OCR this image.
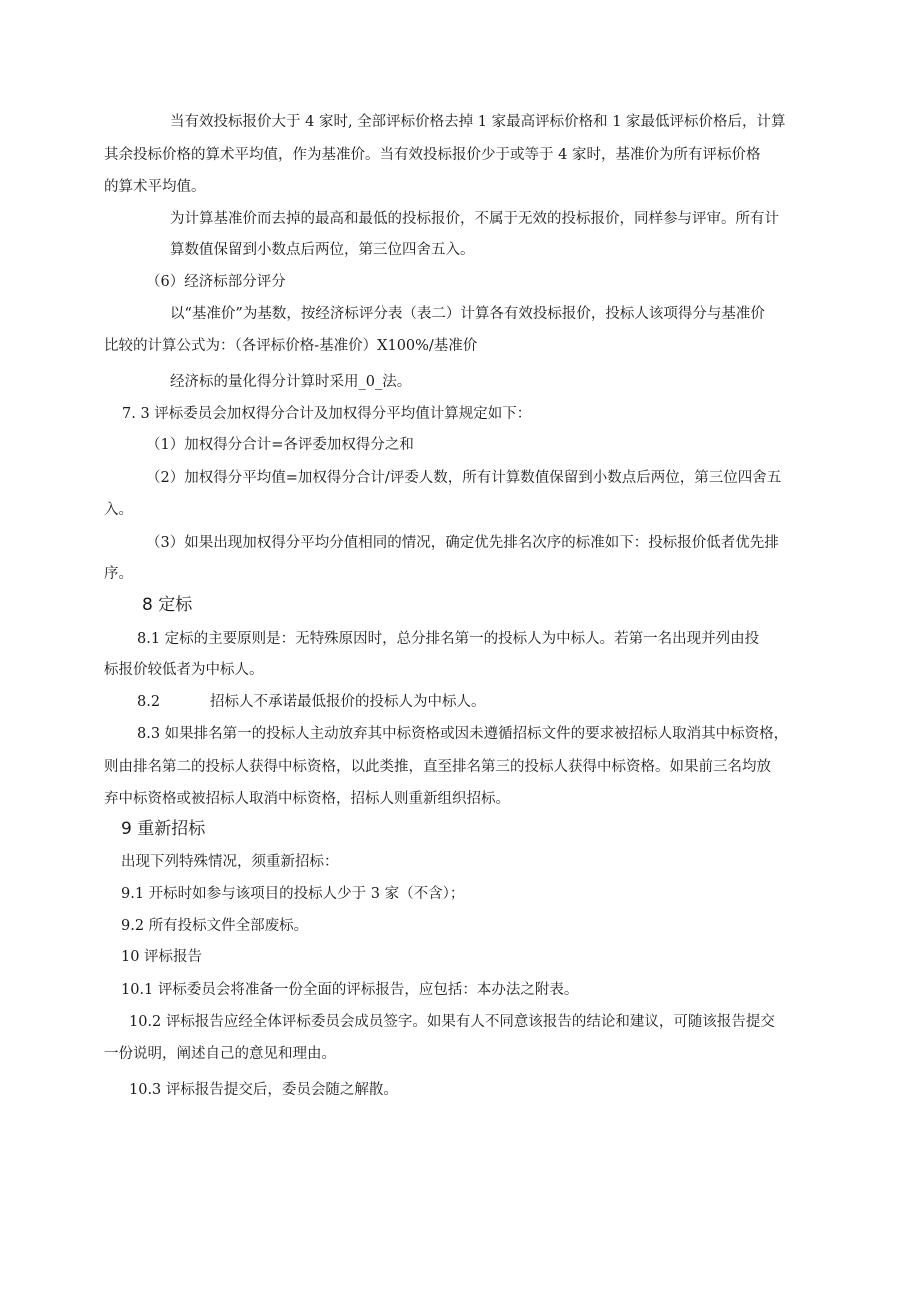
当有效投标报价大于 4 家时, 全部评标价格去掉 1 家最高评标价格和 1 家最低评标价格后，计算
其余投标价格的算术平均值，作为基准价。当有效投标报价少于或等于 4 家时，基准价为所有评标价格
的算术平均值。
为计算基准价而去掉的最高和最低的投标报价，不属于无效的投标报价，同样参与评审。所有计
算数值保留到小数点后两位，第三位四舍五入。
（6）经济标部分评分
以“基准价”为基数，按经济标评分表（表二）计算各有效投标报价，投标人该项得分与基准价
比较的计算公式为：（各评标价格-基准价）X100%/基准价
经济标的量化得分计算时采用_0_法。
7. 3 评标委员会加权得分合计及加权得分平均值计算规定如下：
（1）加权得分合计=各评委加权得分之和
（2）加权得分平均值=加权得分合计/评委人数，所有计算数值保留到小数点后两位，第三位四舍五
入。
（3）如果出现加权得分平均分值相同的情况，确定优先排名次序的标准如下：投标报价低者优先排
序。
8 定标
8.1 定标的主要原则是：无特殊原因时，总分排名第一的投标人为中标人。若第一名出现并列由投
标报价较低者为中标人。
8.2	招标人不承诺最低报价的投标人为中标人。
8.3 如果排名第一的投标人主动放弃其中标资格或因未遵循招标文件的要求被招标人取消其中标资格，
则由排名第二的投标人获得中标资格，以此类推，直至排名第三的投标人获得中标资格。如果前三名均放
弃中标资格或被招标人取消中标资格，招标人则重新组织招标。
9 重新招标
出现下列特殊情况，须重新招标：
9.1 开标时如参与该项目的投标人少于 3 家（不含）；
9.2 所有投标文件全部废标。
10 评标报告
10.1 评标委员会将准备一份全面的评标报告，应包括：本办法之附表。
10.2 评标报告应经全体评标委员会成员签字。如果有人不同意该报告的结论和建议，可随该报告提交
一份说明，阐述自己的意见和理由。
10.3 评标报告提交后，委员会随之解散。
